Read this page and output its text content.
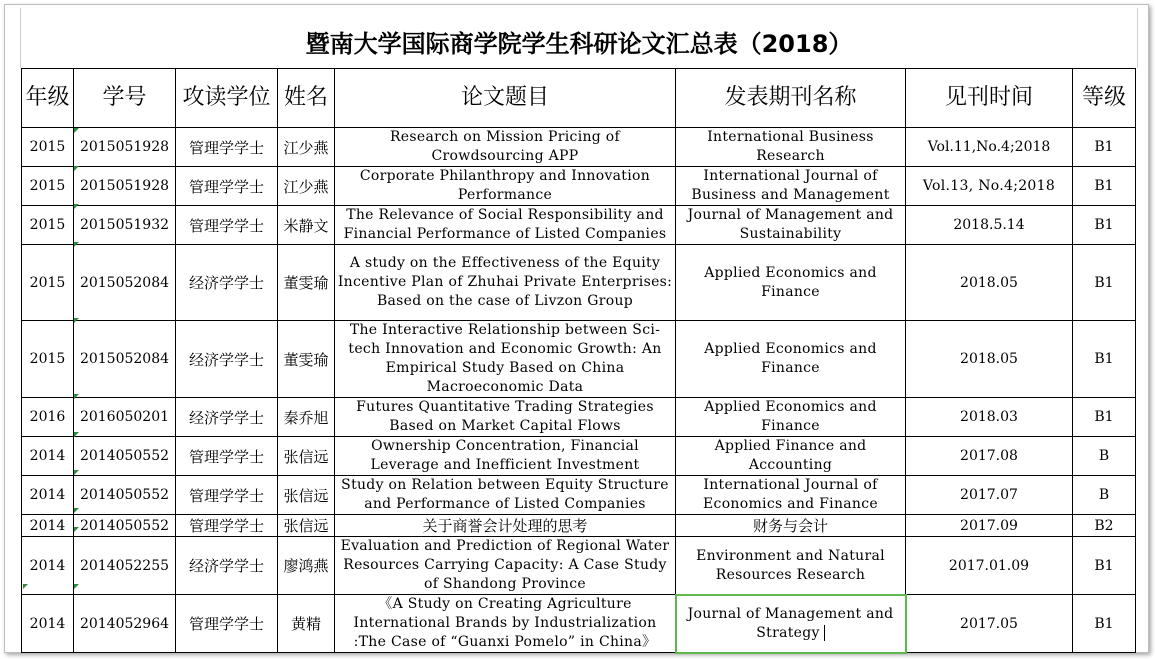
暨南大学国际商学院学生科研论文汇总表（2018）
年级	学号	攻读学位	姓名	论文题目	发表期刊名称	见刊时间	等级
2015	2015051928	管理学学士	江少燕	Research on Mission Pricing of Crowdsourcing APP	International Business Research	Vol.11,No.4;2018	B1
2015	2015051928	管理学学士	江少燕	Corporate Philanthropy and Innovation Performance	International Journal of Business and Management	Vol.13, No.4;2018	B1
2015	2015051932	管理学学士	米静文	The Relevance of Social Responsibility and Financial Performance of Listed Companies	Journal of Management and Sustainability	2018.5.14	B1
2015	2015052084	经济学学士	董雯瑜	A study on the Effectiveness of the Equity Incentive Plan of Zhuhai Private Enterprises: Based on the case of Livzon Group	Applied Economics and Finance	2018.05	B1
2015	2015052084	经济学学士	董雯瑜	The Interactive Relationship between Sci-tech Innovation and Economic Growth: An Empirical Study Based on China Macroeconomic Data	Applied Economics and Finance	2018.05	B1
2016	2016050201	经济学学士	秦乔旭	Futures Quantitative Trading Strategies Based on Market Capital Flows	Applied Economics and Finance	2018.03	B1
2014	2014050552	管理学学士	张信远	Ownership Concentration, Financial Leverage and Inefficient Investment	Applied Finance and Accounting	2017.08	B
2014	2014050552	管理学学士	张信远	Study on Relation between Equity Structure and Performance of Listed Companies	International Journal of Economics and Finance	2017.07	B
2014	2014050552	管理学学士	张信远	关于商誉会计处理的思考	财务与会计	2017.09	B2
2014	2014052255	经济学学士	廖鸿燕	Evaluation and Prediction of Regional Water Resources Carrying Capacity: A Case Study of Shandong Province	Environment and Natural Resources Research	2017.01.09	B1
2014	2014052964	管理学学士	黄精	《A Study on Creating Agriculture International Brands by Industrialization :The Case of “Guanxi Pomelo” in China》	Journal of Management and Strategy	2017.05	B1
